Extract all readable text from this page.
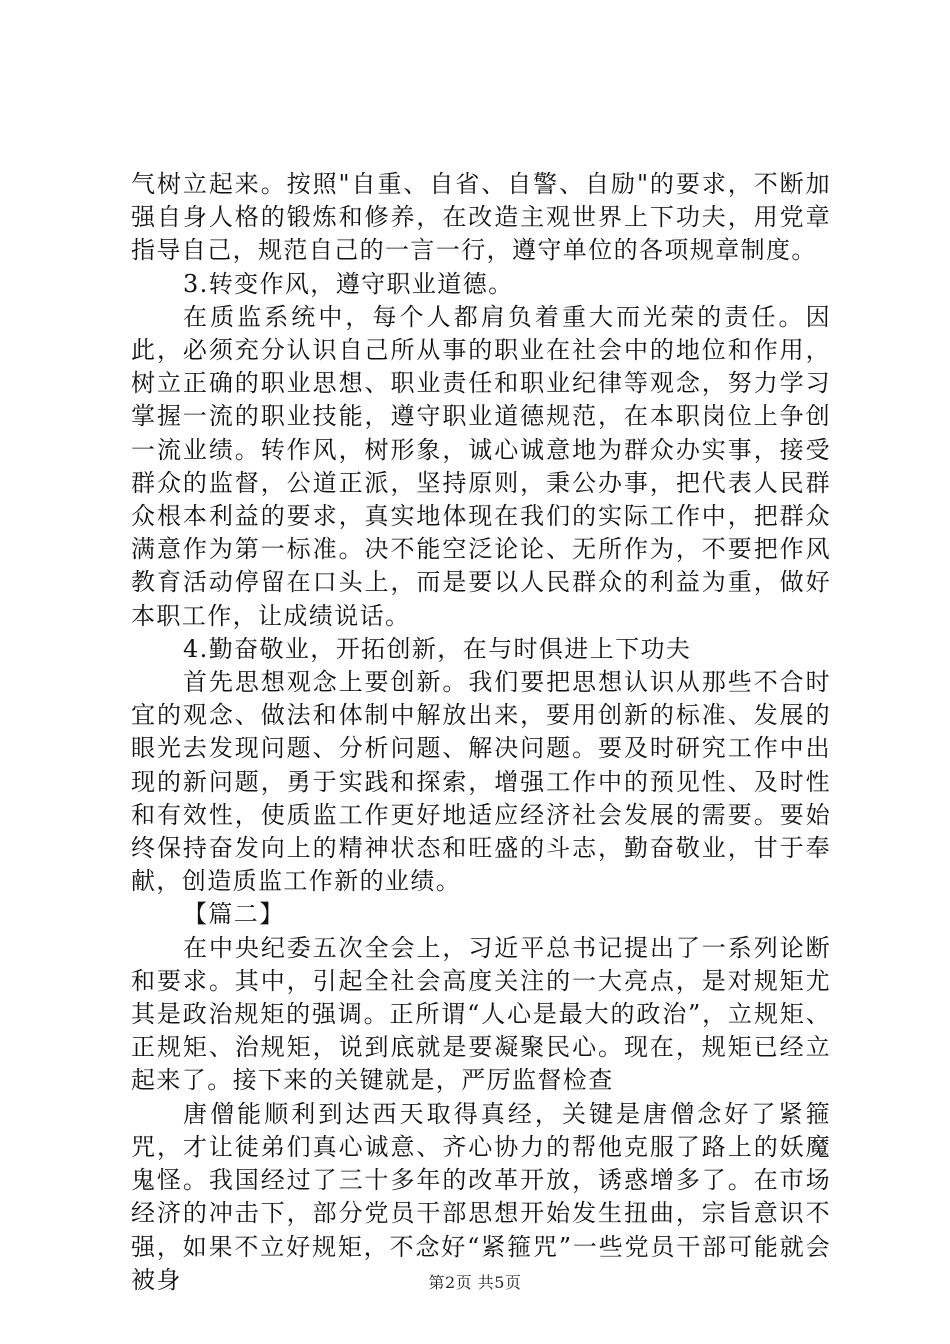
气树立起来。按照"自重、自省、自警、自励"的要求，不断加强自身人格的锻炼和修养，在改造主观世界上下功夫，用党章指导自己，规范自己的一言一行，遵守单位的各项规章制度。

3.转变作风，遵守职业道德。

在质监系统中，每个人都肩负着重大而光荣的责任。因此，必须充分认识自己所从事的职业在社会中的地位和作用，树立正确的职业思想、职业责任和职业纪律等观念，努力学习掌握一流的职业技能，遵守职业道德规范，在本职岗位上争创一流业绩。转作风，树形象，诚心诚意地为群众办实事，接受群众的监督，公道正派，坚持原则，秉公办事，把代表人民群众根本利益的要求，真实地体现在我们的实际工作中，把群众满意作为第一标准。决不能空泛论论、无所作为，不要把作风教育活动停留在口头上，而是要以人民群众的利益为重，做好本职工作，让成绩说话。

4.勤奋敬业，开拓创新，在与时俱进上下功夫

首先思想观念上要创新。我们要把思想认识从那些不合时宜的观念、做法和体制中解放出来，要用创新的标准、发展的眼光去发现问题、分析问题、解决问题。要及时研究工作中出现的新问题，勇于实践和探索，增强工作中的预见性、及时性和有效性，使质监工作更好地适应经济社会发展的需要。要始终保持奋发向上的精神状态和旺盛的斗志，勤奋敬业，甘于奉献，创造质监工作新的业绩。

【篇二】

在中央纪委五次全会上，习近平总书记提出了一系列论断和要求。其中，引起全社会高度关注的一大亮点，是对规矩尤其是政治规矩的强调。正所谓“人心是最大的政治”，立规矩、正规矩、治规矩，说到底就是要凝聚民心。现在，规矩已经立起来了。接下来的关键就是，严厉监督检查

唐僧能顺利到达西天取得真经，关键是唐僧念好了紧箍咒，才让徒弟们真心诚意、齐心协力的帮他克服了路上的妖魔鬼怪。我国经过了三十多年的改革开放，诱惑增多了。在市场经济的冲击下，部分党员干部思想开始发生扭曲，宗旨意识不强，如果不立好规矩，不念好“紧箍咒”一些党员干部可能就会被身	第2页 共5页
